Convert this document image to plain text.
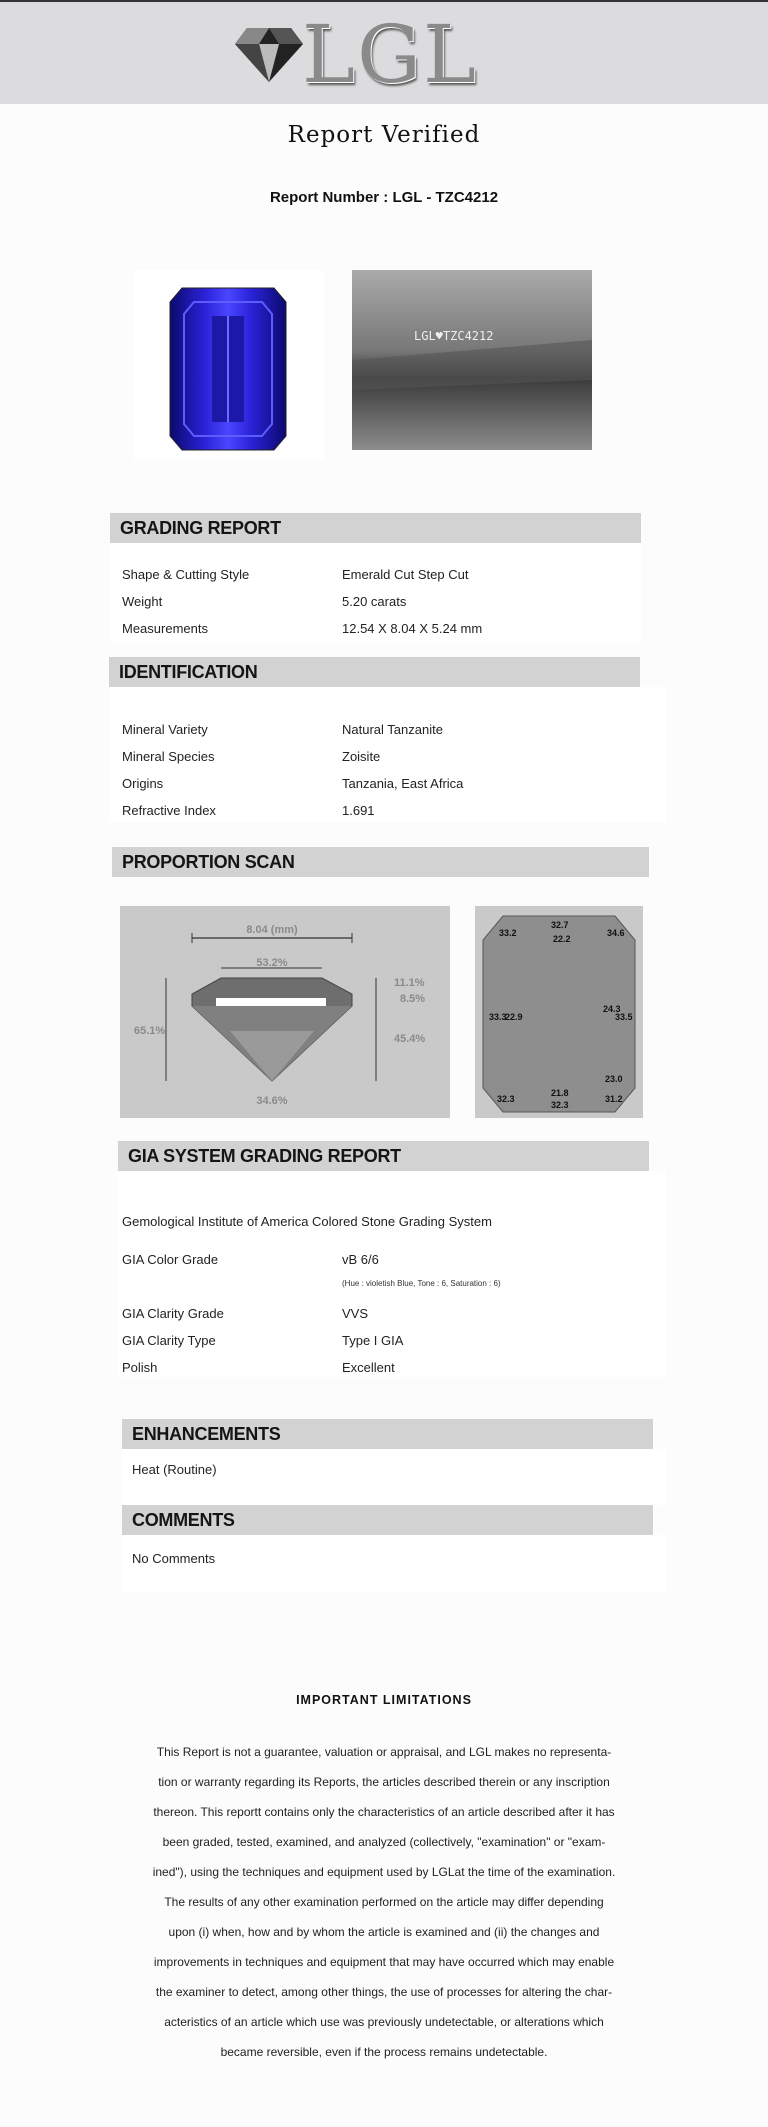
LGL
Report Verified
Report Number : LGL - TZC4212
LGL♥TZC4212
GRADING REPORT
Shape & Cutting Style	Emerald Cut Step Cut
Weight	5.20 carats
Measurements	12.54 X 8.04 X 5.24 mm
IDENTIFICATION
Mineral Variety	Natural Tanzanite
Mineral Species	Zoisite
Origins	Tanzania, East Africa
Refractive Index	1.691
PROPORTION SCAN
8.04 (mm)
53.2%
65.1%
11.1%
8.5%
45.4%
34.6%
33.2
32.7
22.2
34.6
33.3
22.9
24.3
33.5
23.0
32.3
21.8
32.3
31.2
GIA SYSTEM GRADING REPORT
Gemological Institute of America Colored Stone Grading System
GIA Color Grade	vB 6/6
(Hue : violetish Blue, Tone : 6, Saturation : 6)
GIA Clarity Grade	VVS
GIA Clarity Type	Type I GIA
Polish	Excellent
ENHANCEMENTS
Heat (Routine)
COMMENTS
No Comments
IMPORTANT LIMITATIONS
This Report is not a guarantee, valuation or appraisal, and LGL makes no representa-
tion or warranty regarding its Reports, the articles described therein or any inscription
thereon. This reportt contains only the characteristics of an article described after it has
been graded, tested, examined, and analyzed (collectively, "examination" or "exam-
ined"), using the techniques and equipment used by LGLat the time of the examination.
The results of any other examination performed on the article may differ depending
upon (i) when, how and by whom the article is examined and (ii) the changes and
improvements in techniques and equipment that may have occurred which may enable
the examiner to detect, among other things, the use of processes for altering the char-
acteristics of an article which use was previously undetectable, or alterations which
became reversible, even if the process remains undetectable.
